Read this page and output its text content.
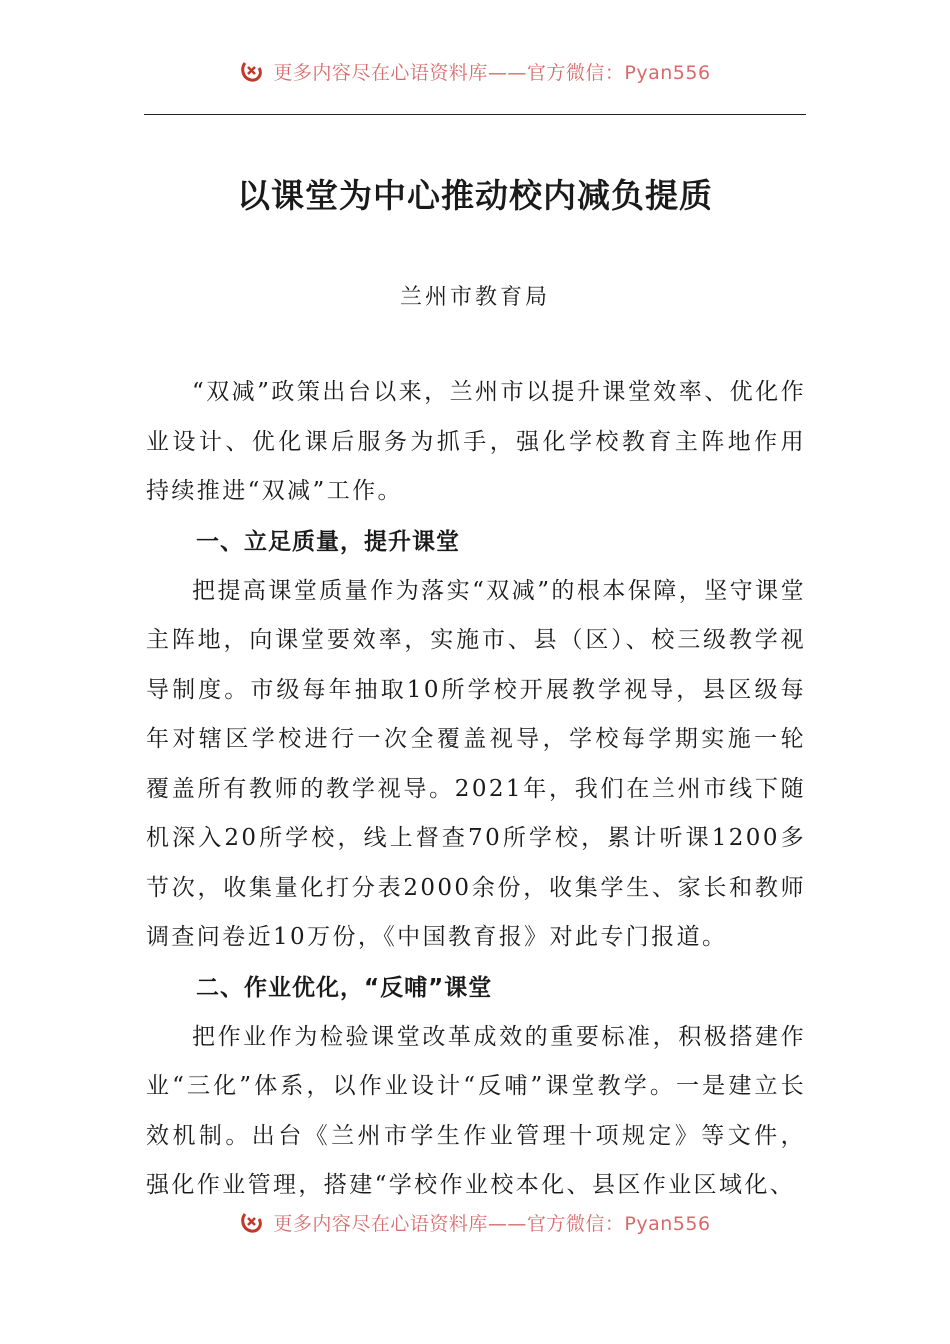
更多内容尽在心语资料库——官方微信：Pyan556
以课堂为中心推动校内减负提质
兰州市教育局

“双减”政策出台以来，兰州市以提升课堂效率、优化作业设计、优化课后服务为抓手，强化学校教育主阵地作用持续推进“双减”工作。

一、立足质量，提升课堂

把提高课堂质量作为落实“双减”的根本保障，坚守课堂主阵地，向课堂要效率，实施市、县（区）、校三级教学视导制度。市级每年抽取10所学校开展教学视导，县区级每年对辖区学校进行一次全覆盖视导，学校每学期实施一轮覆盖所有教师的教学视导。2021年，我们在兰州市线下随机深入20所学校，线上督查70所学校，累计听课1200多节次，收集量化打分表2000余份，收集学生、家长和教师调查问卷近10万份，《中国教育报》对此专门报道。

二、作业优化，“反哺”课堂

把作业作为检验课堂改革成效的重要标准，积极搭建作业“三化”体系，以作业设计“反哺”课堂教学。一是建立长效机制。出台《兰州市学生作业管理十项规定》等文件，强化作业管理，搭建“学校作业校本化、县区作业区域化、

更多内容尽在心语资料库——官方微信：Pyan556
